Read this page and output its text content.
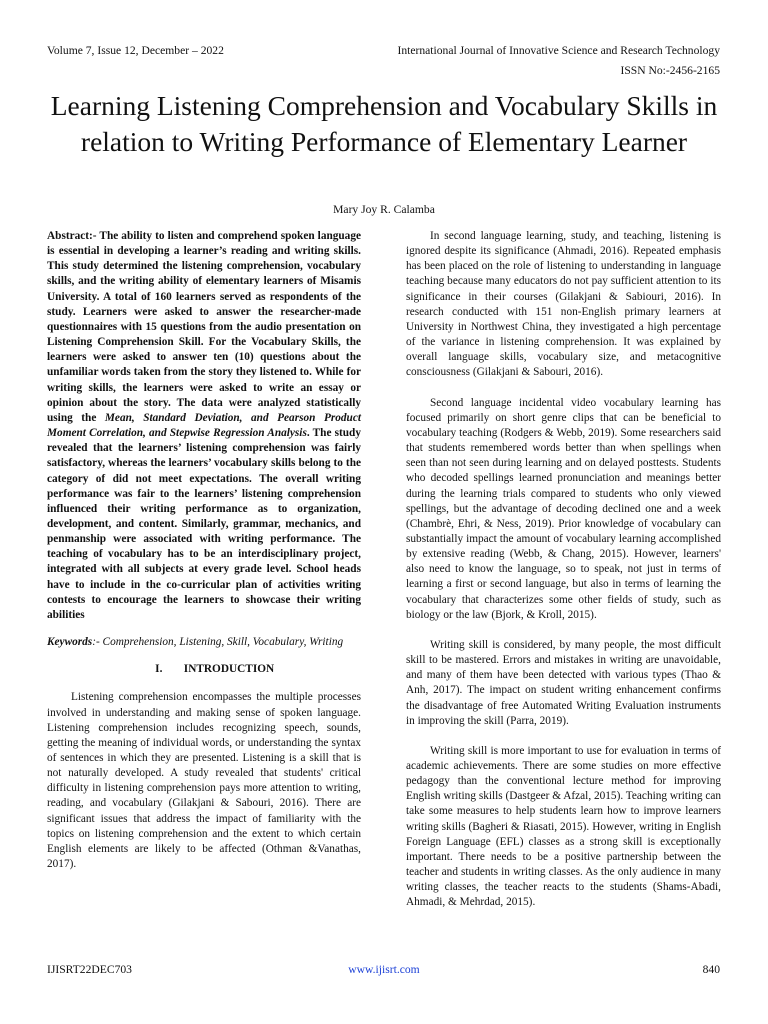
Volume 7, Issue 12, December – 2022	International Journal of Innovative Science and Research Technology
ISSN No:-2456-2165
Learning Listening Comprehension and Vocabulary Skills in relation to Writing Performance of Elementary Learner
Mary Joy R. Calamba

Abstract:- The ability to listen and comprehend spoken language is essential in developing a learner’s reading and writing skills. This study determined the listening comprehension, vocabulary skills, and the writing ability of elementary learners of Misamis University. A total of 160 learners served as respondents of the study. Learners were asked to answer the researcher-made questionnaires with 15 questions from the audio presentation on Listening Comprehension Skill. For the Vocabulary Skills, the learners were asked to answer ten (10) questions about the unfamiliar words taken from the story they listened to. While for writing skills, the learners were asked to write an essay or opinion about the story. The data were analyzed statistically using the Mean, Standard Deviation, and Pearson Product Moment Correlation, and Stepwise Regression Analysis. The study revealed that the learners’ listening comprehension was fairly satisfactory, whereas the learners’ vocabulary skills belong to the category of did not meet expectations. The overall writing performance was fair to the learners’ listening comprehension influenced their writing performance as to organization, development, and content. Similarly, grammar, mechanics, and penmanship were associated with writing performance. The teaching of vocabulary has to be an interdisciplinary project, integrated with all subjects at every grade level. School heads have to include in the co-curricular plan of activities writing contests to encourage the learners to showcase their writing abilities

Keywords:- Comprehension, Listening, Skill, Vocabulary, Writing

I. INTRODUCTION

Listening comprehension encompasses the multiple processes involved in understanding and making sense of spoken language. Listening comprehension includes recognizing speech, sounds, getting the meaning of individual words, or understanding the syntax of sentences in which they are presented. Listening is a skill that is not naturally developed. A study revealed that students' critical difficulty in listening comprehension pays more attention to writing, reading, and vocabulary (Gilakjani & Sabouri, 2016). There are significant issues that address the impact of familiarity with the topics on listening comprehension and the extent to which certain English elements are likely to be affected (Othman &Vanathas, 2017).

In second language learning, study, and teaching, listening is ignored despite its significance (Ahmadi, 2016). Repeated emphasis has been placed on the role of listening to understanding in language teaching because many educators do not pay sufficient attention to its significance in their courses (Gilakjani & Sabiouri, 2016). In research conducted with 151 non-English primary learners at University in Northwest China, they investigated a high percentage of the variance in listening comprehension. It was explained by overall language skills, vocabulary size, and metacognitive consciousness (Gilakjani & Sabouri, 2016).

Second language incidental video vocabulary learning has focused primarily on short genre clips that can be beneficial to vocabulary teaching (Rodgers & Webb, 2019). Some researchers said that students remembered words better than when spellings when seen than not seen during learning and on delayed posttests. Students who decoded spellings learned pronunciation and meanings better during the learning trials compared to students who only viewed spellings, but the advantage of decoding declined one and a week (Chambrè, Ehri, & Ness, 2019). Prior knowledge of vocabulary can substantially impact the amount of vocabulary learning accomplished by extensive reading (Webb, & Chang, 2015). However, learners' also need to know the language, so to speak, not just in terms of learning a first or second language, but also in terms of learning the vocabulary that characterizes some other fields of study, such as biology or the law (Bjork, & Kroll, 2015).

Writing skill is considered, by many people, the most difficult skill to be mastered. Errors and mistakes in writing are unavoidable, and many of them have been detected with various types (Thao & Anh, 2017). The impact on student writing enhancement confirms the disadvantage of free Automated Writing Evaluation instruments in improving the skill (Parra, 2019).

Writing skill is more important to use for evaluation in terms of academic achievements. There are some studies on more effective pedagogy than the conventional lecture method for improving English writing skills (Dastgeer & Afzal, 2015). Teaching writing can take some measures to help students learn how to improve learners writing skills (Bagheri & Riasati, 2015). However, writing in English Foreign Language (EFL) classes as a strong skill is exceptionally important. There needs to be a positive partnership between the teacher and students in writing classes. As the only audience in many writing classes, the teacher reacts to the students (Shams-Abadi, Ahmadi, & Mehrdad, 2015).

IJISRT22DEC703	www.ijisrt.com	840
